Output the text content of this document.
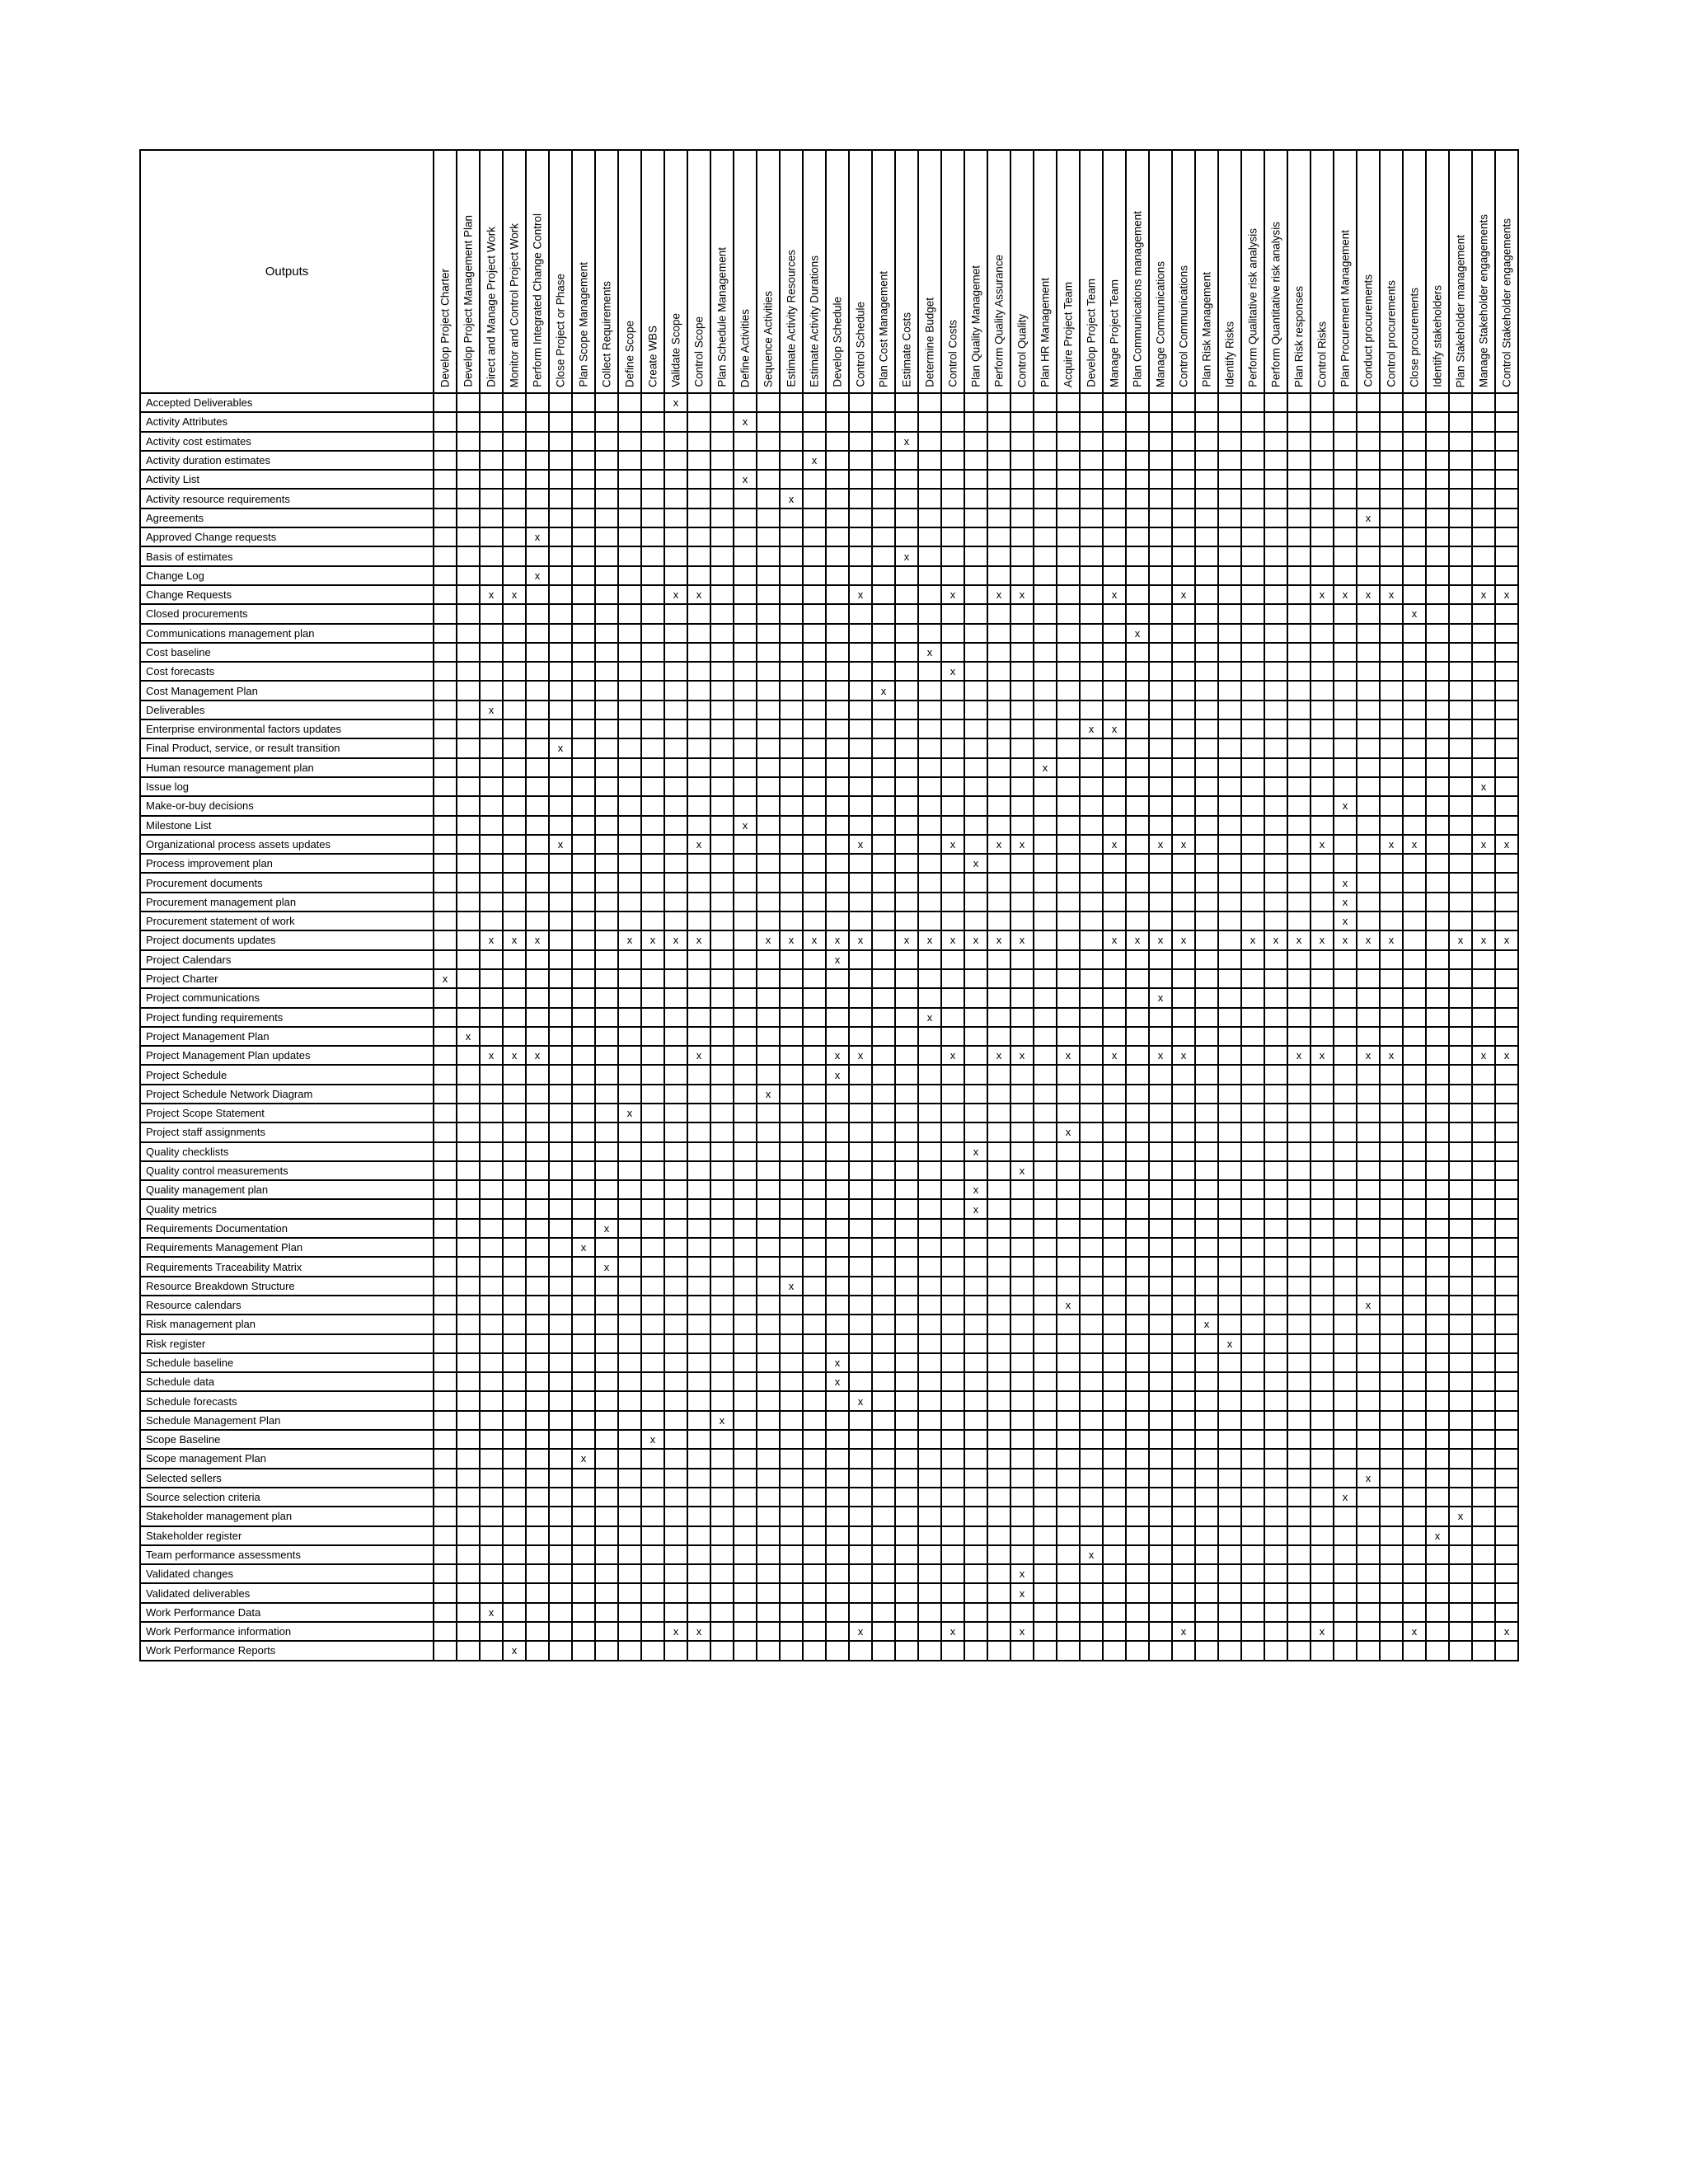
Outputs	Develop Project Charter	Develop Project Management Plan	Direct and Manage Project Work	Monitor and Control Project Work	Perform Integrated Change Control	Close Project or Phase	Plan Scope Management	Collect Requirements	Define Scope	Create WBS	Validate Scope	Control Scope	Plan Schedule Management	Define Activities	Sequence Activities	Estimate Activity Resources	Estimate Activity Durations	Develop Schedule	Control Schedule	Plan Cost Management	Estimate Costs	Determine Budget	Control Costs	Plan Quality Managemet	Perform Quality Assurance	Control Quality	Plan HR Management	Acquire Project Team	Develop Project Team	Manage Project Team	Plan Communications management	Manage Communications	Control Communications	Plan Risk Management	Identify Risks	Perform Qualitative risk analysis	Perform Quantitative risk analysis	Plan Risk responses	Control Risks	Plan Procurement Management	Conduct procurements	Control procurements	Close procurements	Identify stakeholders	Plan Stakeholder management	Manage Stakeholder engagements	Control Stakeholder engagements

Accepted Deliverables											x																																				
Activity Attributes														x																																	
Activity cost estimates																					x																										
Activity duration estimates																	x																														
Activity List														x																																	
Activity resource requirements																x																															
Agreements																																									x						
Approved Change requests					x																																										
Basis of estimates																					x																										
Change Log					x																																										
Change Requests			x	x							x	x							x				x		x	x				x			x						x	x	x	x				x	x
Closed procurements																																											x				
Communications management plan																															x																
Cost baseline																						x																									
Cost forecasts																							x																								
Cost Management Plan																				x																											
Deliverables			x																																												
Enterprise environmental factors updates																													x	x																	
Final Product, service, or result transition						x																																									
Human resource management plan																											x																				
Issue log																																														x	
Make-or-buy decisions																																								x							
Milestone List														x																																	
Organizational process assets updates						x						x							x				x		x	x				x		x	x						x			x	x			x	x
Process improvement plan																								x																							
Procurement documents																																								x							
Procurement management plan																																								x							
Procurement statement of work																																								x							
Project documents updates			x	x	x				x	x	x	x			x	x	x	x	x		x	x	x	x	x	x				x	x	x	x			x	x	x	x	x	x	x			x	x	x
Project Calendars																		x																													
Project Charter	x																																														
Project communications																																x															
Project funding requirements																						x																									
Project Management Plan		x																																													
Project Management Plan updates			x	x	x							x						x	x				x		x	x		x		x		x	x					x	x		x	x				x	x
Project Schedule																		x																													
Project Schedule Network Diagram															x																																
Project Scope Statement									x																																						
Project staff assignments																												x																			
Quality checklists																								x																							
Quality control measurements																										x																					
Quality management plan																								x																							
Quality metrics																								x																							
Requirements Documentation								x																																							
Requirements Management Plan							x																																								
Requirements Traceability Matrix								x																																							
Resource Breakdown Structure																x																															
Resource calendars																												x													x						
Risk management plan																																		x													
Risk register																																			x												
Schedule baseline																		x																													
Schedule data																		x																													
Schedule forecasts																			x																												
Schedule Management Plan													x																																		
Scope Baseline										x																																					
Scope management Plan							x																																								
Selected sellers																																									x						
Source selection criteria																																								x							
Stakeholder management plan																																													x		
Stakeholder register																																												x			
Team performance assessments																													x																		
Validated changes																										x																					
Validated deliverables																										x																					
Work Performance Data			x																																												
Work Performance information											x	x							x				x			x							x						x				x				x
Work Performance Reports				x																																											
